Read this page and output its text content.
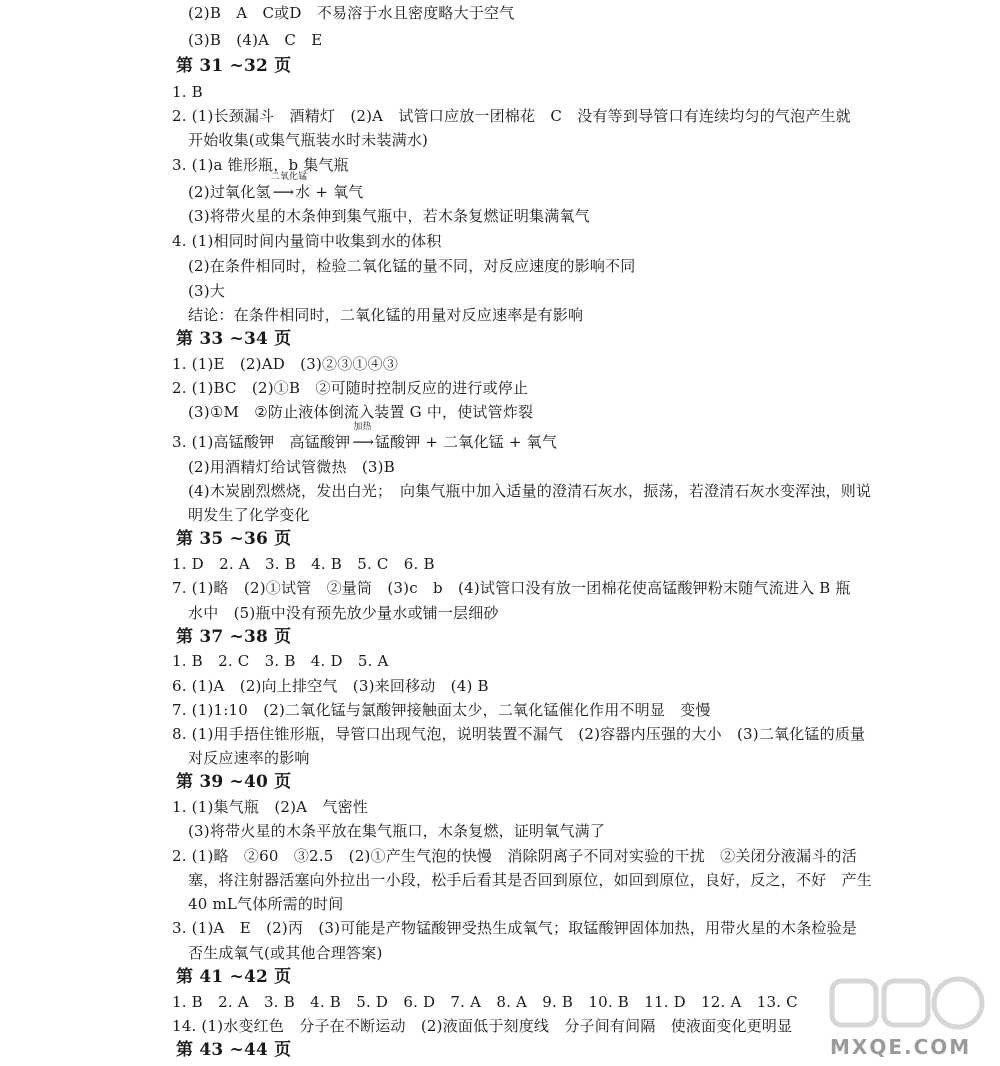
(2)B　A　C或D　不易溶于水且密度略大于空气
(3)B　(4)A　C　E
第 31 ~32 页
1. B
2. (1)长颈漏斗　酒精灯　(2)A　试管口应放一团棉花　C　没有等到导管口有连续均匀的气泡产生就
开始收集(或集气瓶装水时未装满水)
3. (1)a 锥形瓶，b 集气瓶
(2)过氧化氢
二氧化锰
⟶ 水 + 氧气
(3)将带火星的木条伸到集气瓶中，若木条复燃证明集满氧气
4. (1)相同时间内量筒中收集到水的体积
(2)在条件相同时，检验二氧化锰的量不同，对反应速度的影响不同
(3)大
结论：在条件相同时，二氧化锰的用量对反应速率是有影响
第 33 ~34 页
1. (1)E　(2)AD　(3)②③①④③
2. (1)BC　(2)①B　②可随时控制反应的进行或停止
(3)①M　②防止液体倒流入装置 G 中，使试管炸裂
3. (1)高锰酸钾　高锰酸钾
加热
⟶ 锰酸钾 + 二氧化锰 + 氧气
(2)用酒精灯给试管微热　(3)B
(4)木炭剧烈燃烧，发出白光；　向集气瓶中加入适量的澄清石灰水，振荡，若澄清石灰水变浑浊，则说
明发生了化学变化
第 35 ~36 页
1. D　2. A　3. B　4. B　5. C　6. B
7. (1)略　(2)①试管　②量筒　(3)c　b　(4)试管口没有放一团棉花使高锰酸钾粉末随气流进入 B 瓶
水中　(5)瓶中没有预先放少量水或铺一层细砂
第 37 ~38 页
1. B　2. C　3. B　4. D　5. A
6. (1)A　(2)向上排空气　(3)来回移动　(4) B
7. (1)1:10　(2)二氧化锰与氯酸钾接触面太少，二氧化锰催化作用不明显　变慢
8. (1)用手捂住锥形瓶，导管口出现气泡，说明装置不漏气　(2)容器内压强的大小　(3)二氧化锰的质量
对反应速率的影响
第 39 ~40 页
1. (1)集气瓶　(2)A　气密性
(3)将带火星的木条平放在集气瓶口，木条复燃，证明氧气满了
2. (1)略　②60　③2.5　(2)①产生气泡的快慢　消除阴离子不同对实验的干扰　②关闭分液漏斗的活
塞，将注射器活塞向外拉出一小段，松手后看其是否回到原位，如回到原位，良好，反之，不好　产生
40 mL气体所需的时间
3. (1)A　E　(2)丙　(3)可能是产物锰酸钾受热生成氧气；取锰酸钾固体加热，用带火星的木条检验是
否生成氧气(或其他合理答案)
第 41 ~42 页
1. B　2. A　3. B　4. B　5. D　6. D　7. A　8. A　9. B　10. B　11. D　12. A　13. C
14. (1)水变红色　分子在不断运动　(2)液面低于刻度线　分子间有间隔　使液面变化更明显
第 43 ~44 页	MXQE.COM
